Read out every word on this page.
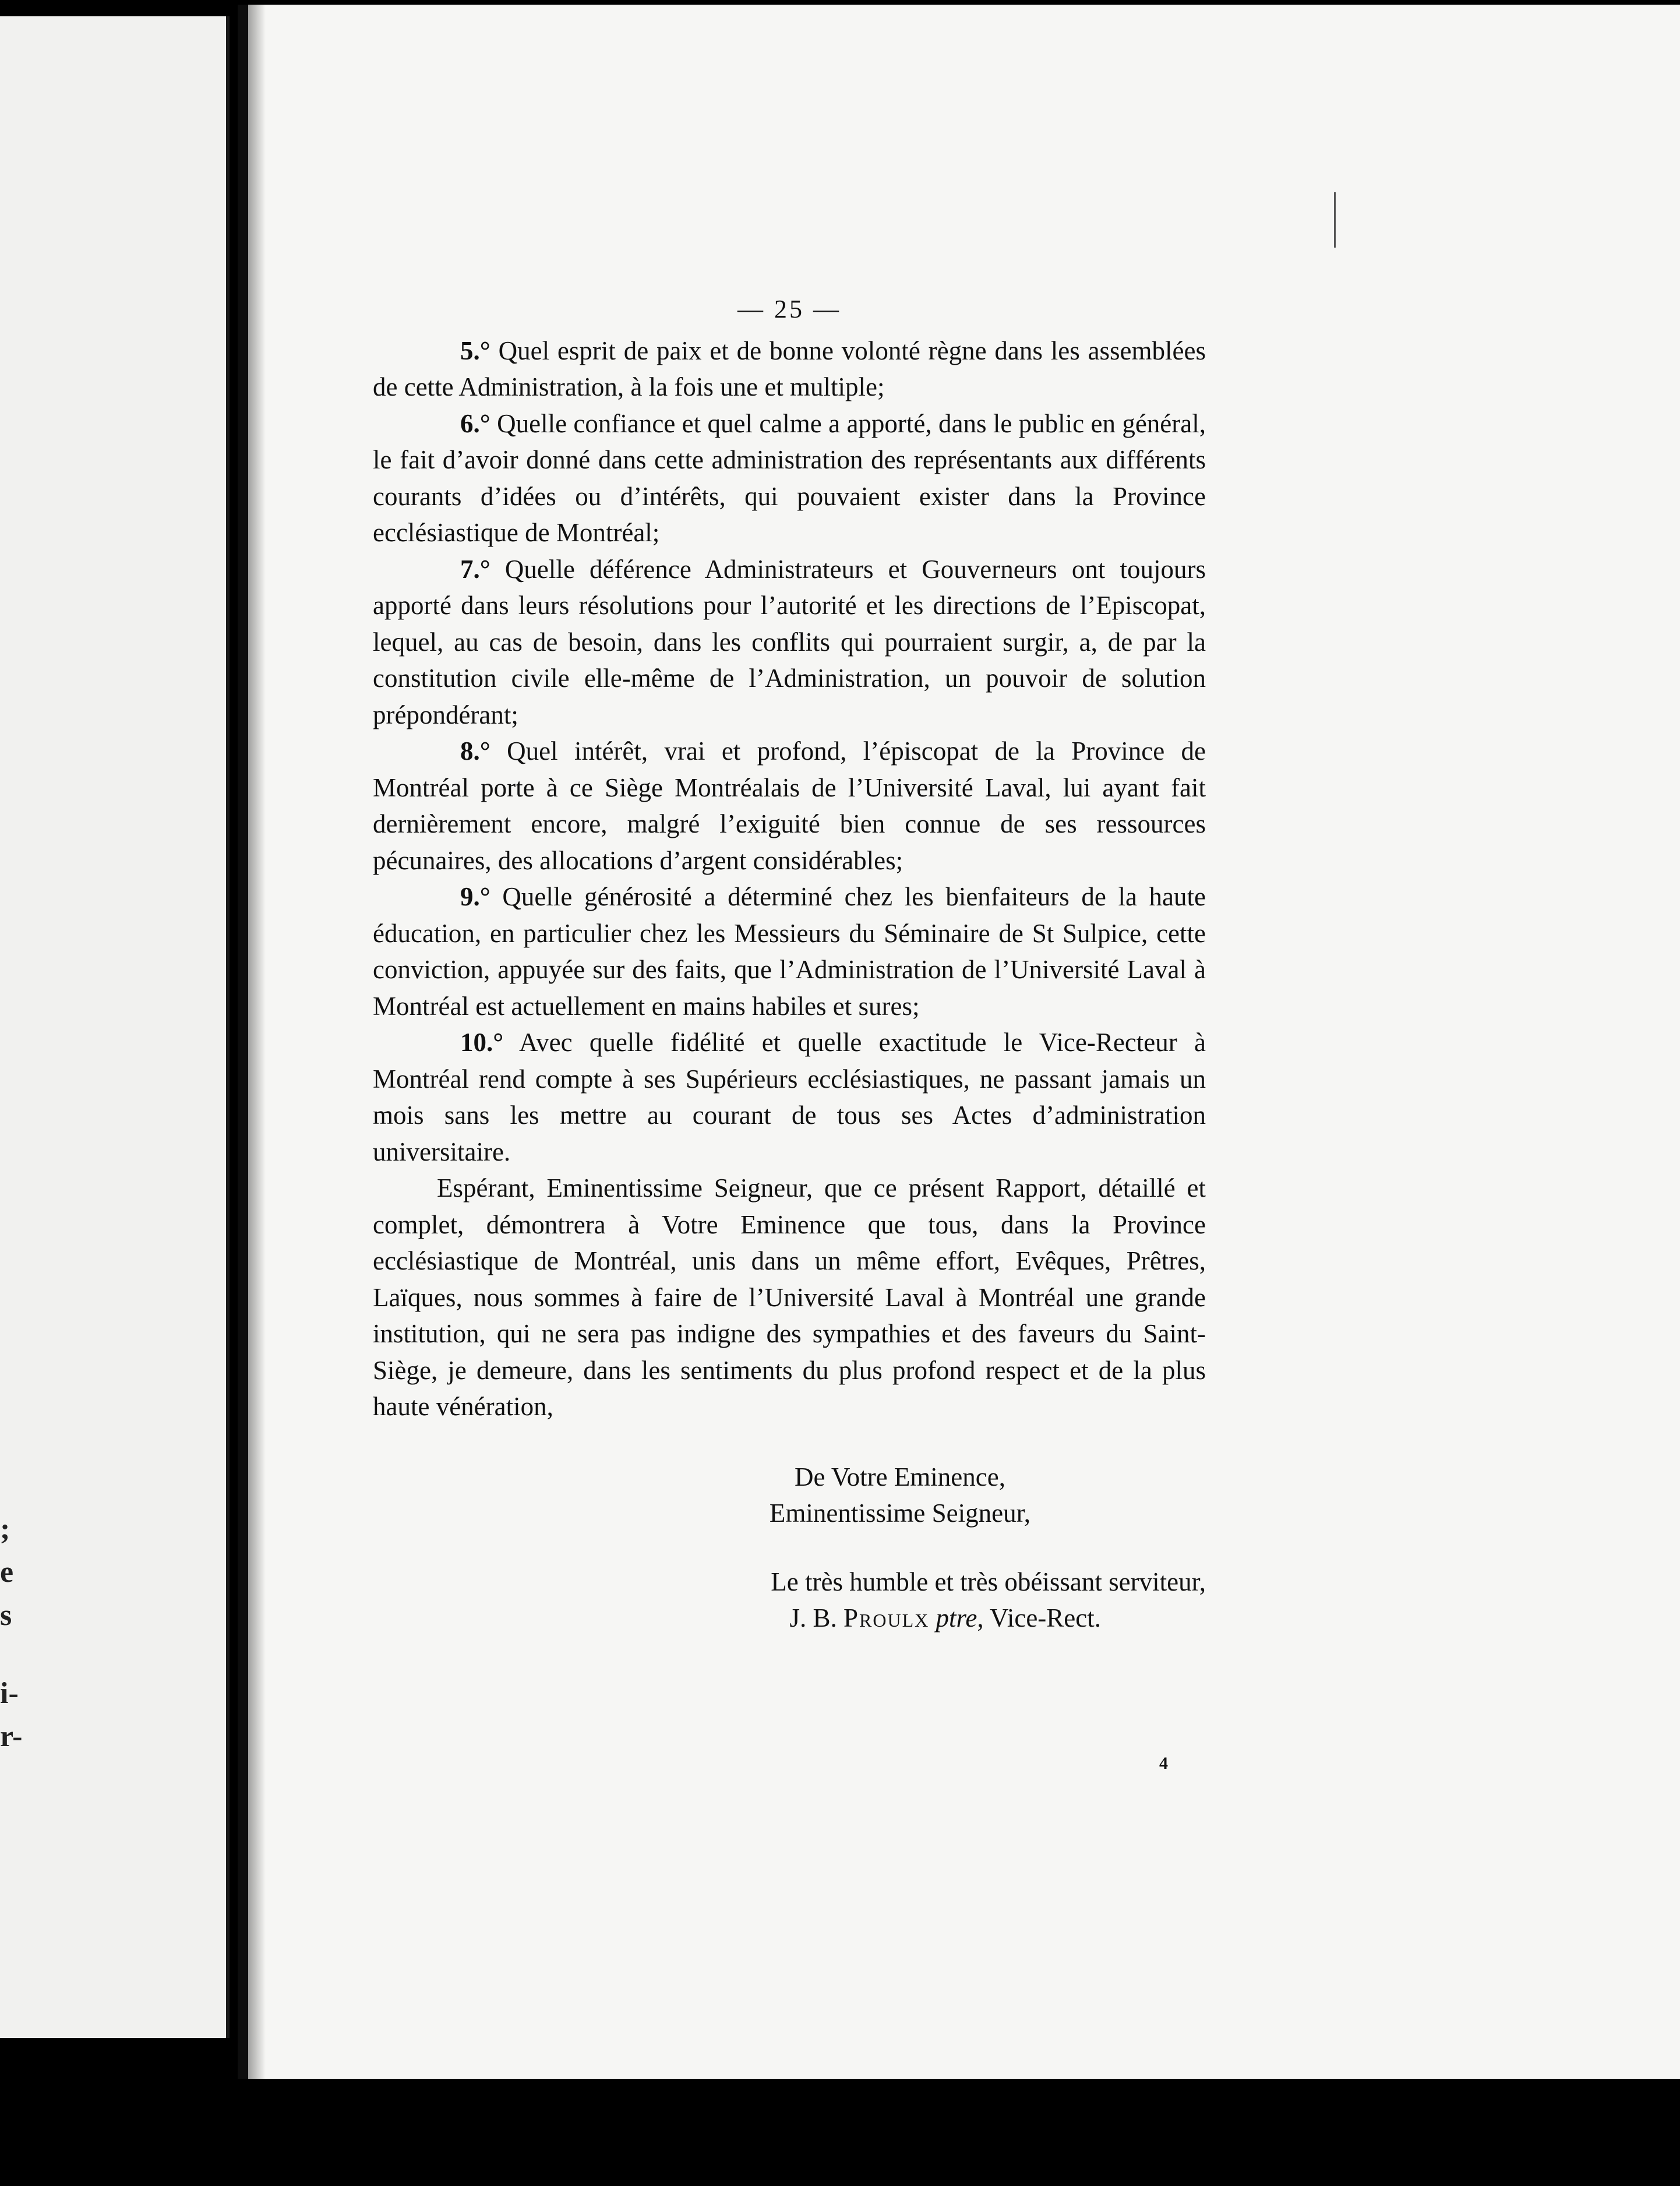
;
e
s
i-
r-
— 25 —

5.° Quel esprit de paix et de bonne volonté règne dans les assemblées de cette Administration, à la fois une et multiple;

6.° Quelle confiance et quel calme a apporté, dans le public en général, le fait d’avoir donné dans cette administration des représentants aux différents courants d’idées ou d’intérêts, qui pouvaient exister dans la Province ecclésiastique de Montréal;

7.° Quelle déférence Administrateurs et Gouverneurs ont toujours apporté dans leurs résolutions pour l’autorité et les directions de l’Episcopat, lequel, au cas de besoin, dans les conflits qui pourraient surgir, a, de par la constitution civile elle-même de l’Administration, un pouvoir de solution prépondérant;

8.° Quel intérêt, vrai et profond, l’épiscopat de la Province de Montréal porte à ce Siège Montréalais de l’Université Laval, lui ayant fait dernièrement encore, malgré l’exiguité bien connue de ses ressources pécunaires, des allocations d’argent considérables;

9.° Quelle générosité a déterminé chez les bienfaiteurs de la haute éducation, en particulier chez les Messieurs du Séminaire de St Sulpice, cette conviction, appuyée sur des faits, que l’Administration de l’Université Laval à Montréal est actuellement en mains habiles et sures;

10.° Avec quelle fidélité et quelle exactitude le Vice-Recteur à Montréal rend compte à ses Supérieurs ecclésiastiques, ne passant jamais un mois sans les mettre au courant de tous ses Actes d’administration universitaire.

Espérant, Eminentissime Seigneur, que ce présent Rapport, détaillé et complet, démontrera à Votre Eminence que tous, dans la Province ecclésiastique de Montréal, unis dans un même effort, Evêques, Prêtres, Laïques, nous sommes à faire de l’Université Laval à Montréal une grande institution, qui ne sera pas indigne des sympathies et des faveurs du Saint-Siège, je demeure, dans les sentiments du plus profond respect et de la plus haute vénération,

De Votre Eminence,
Eminentissime Seigneur,
Le très humble et très obéissant serviteur,
J. B. Proulx ptre, Vice-Rect.
4
